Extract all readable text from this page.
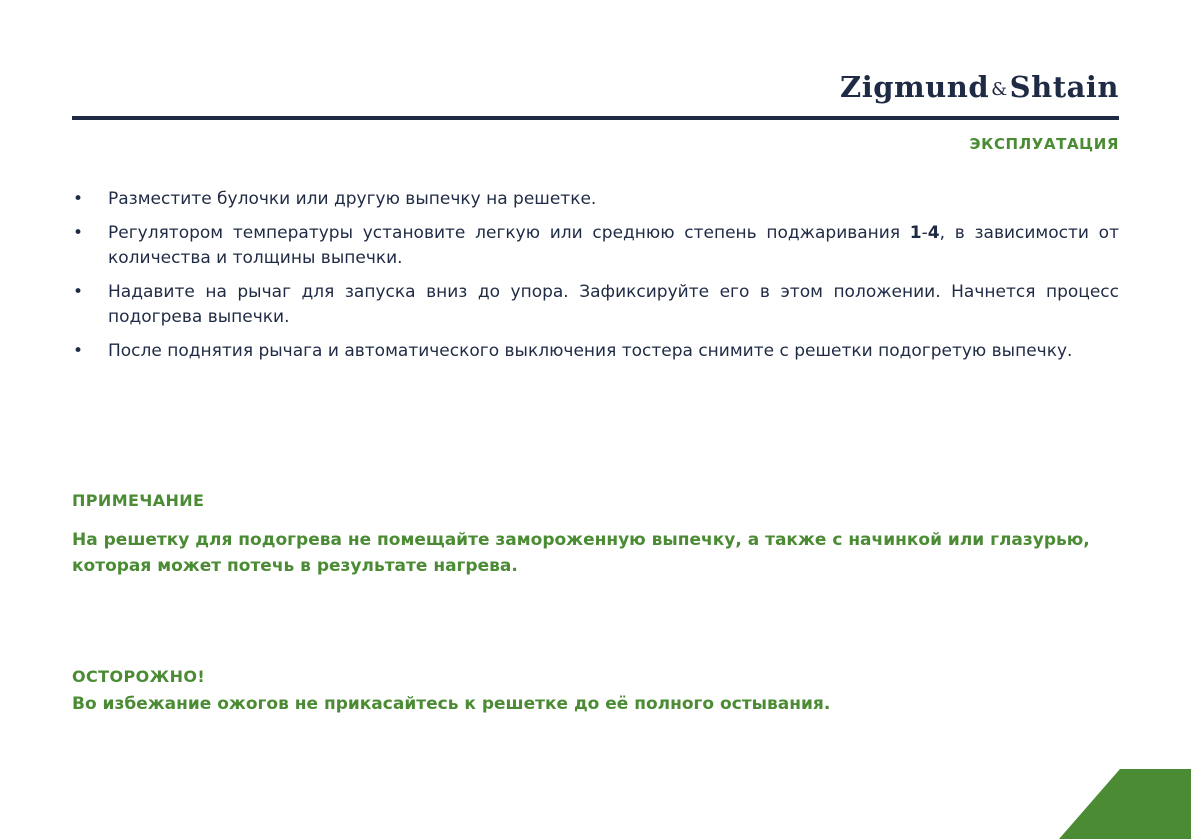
Zigmund &Shtain
ЭКСПЛУАТАЦИЯ
• Разместите булочки или другую выпечку на решетке.
• Регулятором температуры установите легкую или среднюю степень поджаривания 1-4, в зависимости от количества и толщины выпечки.
• Надавите на рычаг для запуска вниз до упора. Зафиксируйте его в этом положении. Начнется процесс подогрева выпечки.
• После поднятия рычага и автоматического выключения тостера снимите с решетки подогретую выпечку.
ПРИМЕЧАНИЕ
На решетку для подогрева не помещайте замороженную выпечку, а также с начинкой или глазурью, которая может потечь в результате нагрева.
ОСТОРОЖНО!
Во избежание ожогов не прикасайтесь к решетке до её полного остывания.
